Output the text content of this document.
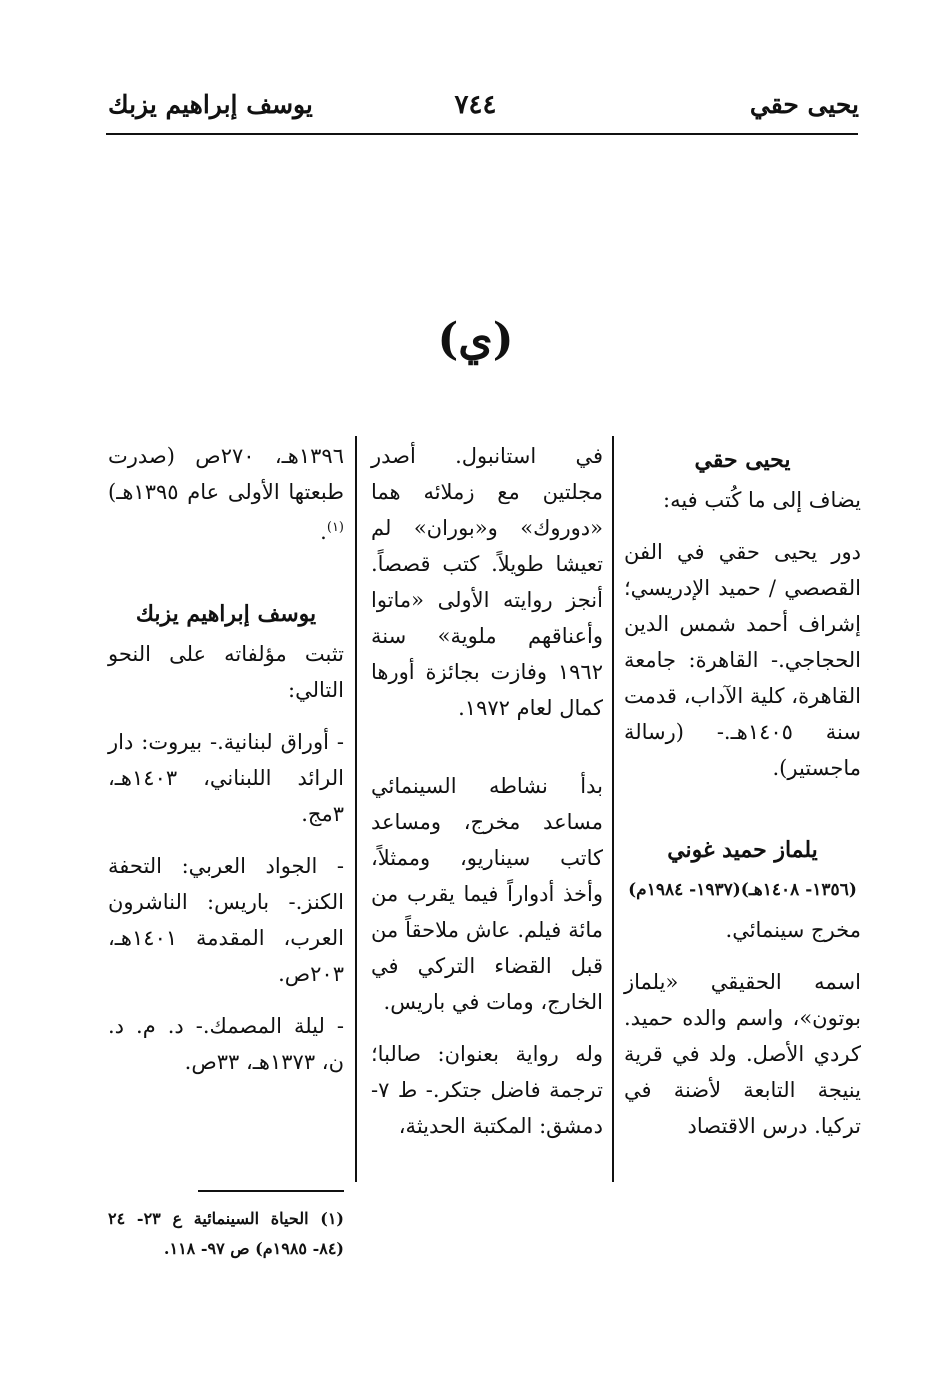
يحيى حقي
٧٤٤
يوسف إبراهيم يزبك
(ي)
يحيى حقي

يضاف إلى ما كُتب فيه:

دور يحيى حقي في الفن القصصي / حميد الإدريسي؛ إشراف أحمد شمس الدين الحجاجي.- القاهرة: جامعة القاهرة، كلية الآداب، قدمت سنة ١٤٠٥هـ.- (رسالة ماجستير).

يلماز حميد غوني
(١٣٥٦- ١٤٠٨هـ)(١٩٣٧- ١٩٨٤م)

مخرج سينمائي.

اسمه الحقيقي «يلماز بوتون»، واسم والده حميد. كردي الأصل. ولد في قرية ينيجة التابعة لأضنة في تركيا. درس الاقتصاد

في استانبول. أصدر مجلتين مع زملائه هما «دوروك» و«بوران» لم تعيشا طويلاً. كتب قصصاً. أنجز روايته الأولى «ماتوا وأعناقهم ملوية» سنة ١٩٦٢ وفازت بجائزة أورها كمال لعام ١٩٧٢.

بدأ نشاطه السينمائي مساعد مخرج، ومساعد كاتب سيناريو، وممثلاً، وأخذ أدواراً فيما يقرب من مائة فيلم. عاش ملاحقاً من قبل القضاء التركي في الخارج، ومات في باريس.

وله رواية بعنوان: صالبا؛ ترجمة فاضل جتكر.- ط ٧- دمشق: المكتبة الحديثة،

١٣٩٦هـ، ٢٧٠ص (صدرت طبعتها الأولى عام ١٣٩٥هـ)$^{(١)}$.

يوسف إبراهيم يزبك

تثبت مؤلفاته على النحو التالي:

- أوراق لبنانية.- بيروت: دار الرائد اللبناني، ١٤٠٣هـ، ٣مج.

- الجواد العربي: التحفة الكنز.- باريس: الناشرون العرب، المقدمة ١٤٠١هـ، ٢٠٣ص.

- ليلة المصمك.- د. م. د. ن، ١٣٧٣هـ، ٣٣ص.

(١) الحياة السينمائية ع ٢٣- ٢٤ (٨٤- ١٩٨٥م) ص ٩٧- ١١٨.
